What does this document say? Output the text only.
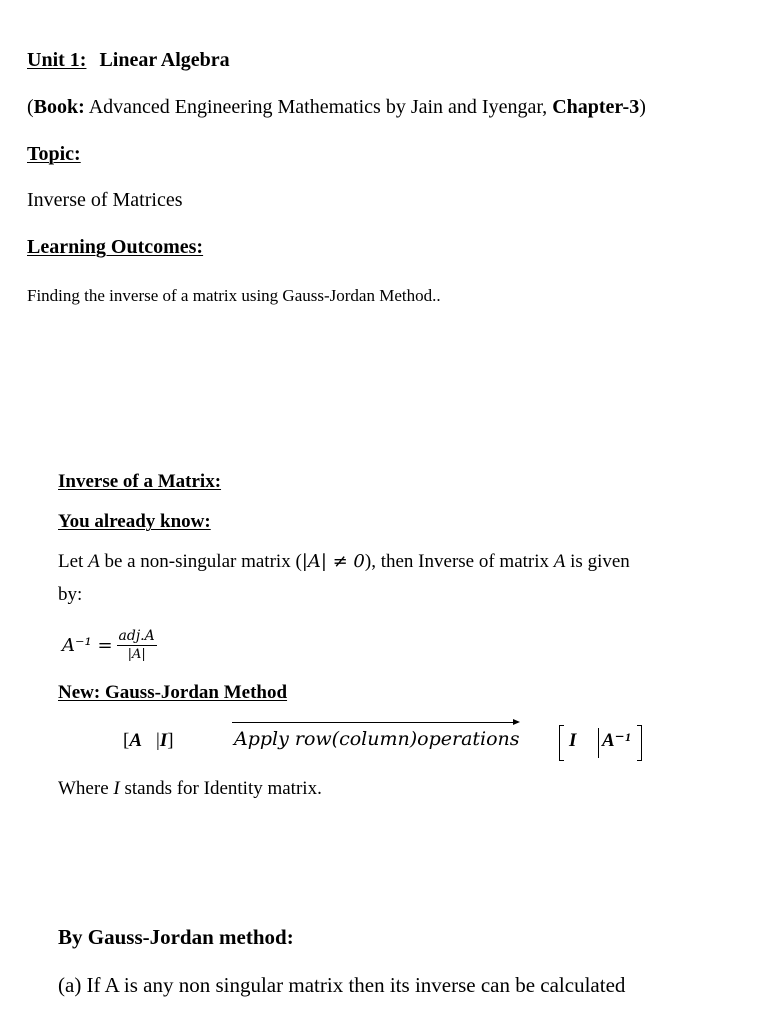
Unit 1: Linear Algebra
(Book: Advanced Engineering Mathematics by Jain and Iyengar, Chapter-3)
Topic:
Inverse of Matrices
Learning Outcomes:
Finding the inverse of a matrix using Gauss-Jordan Method..
Inverse of a Matrix:
You already know:
Let A be a non-singular matrix (|A| ≠ 0), then Inverse of matrix A is given
by:
$A^{-1} = \frac{\text{adj.A}}{|A|}$
New: Gauss-Jordan Method
[A |I]	Apply row(column)operations	I A⁻¹
Where I stands for Identity matrix.
By Gauss-Jordan method:
(a) If A is any non singular matrix then its inverse can be calculated
